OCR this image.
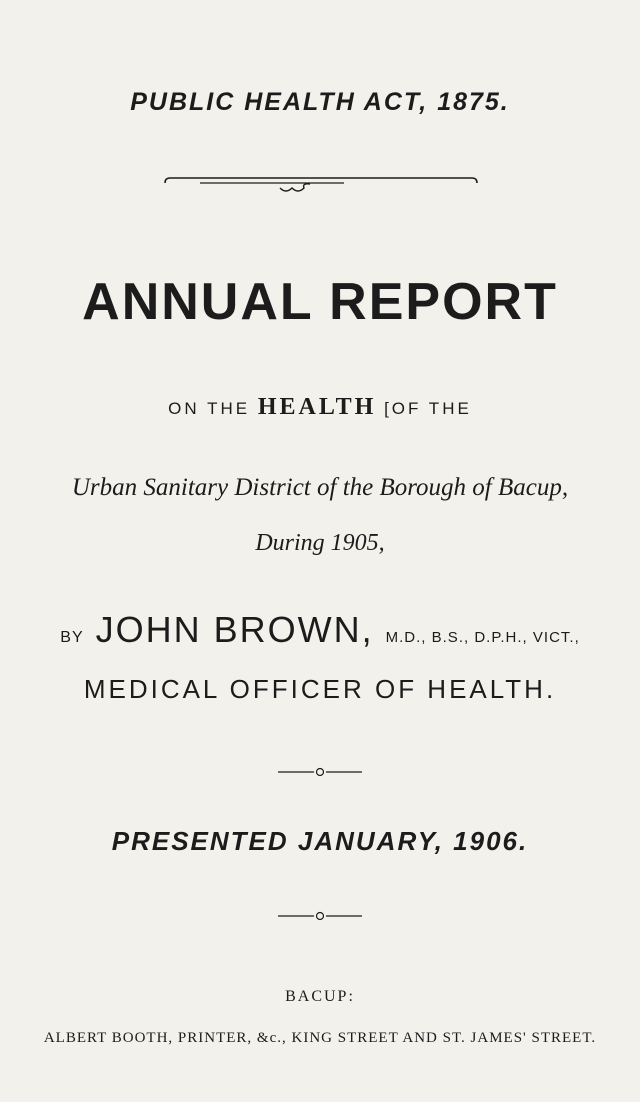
PUBLIC HEALTH ACT, 1875.
ANNUAL REPORT
ON THE HEALTH [OF THE
Urban Sanitary District of the Borough of Bacup,
During 1905,
BY JOHN BROWN, M.D., B.S., D.P.H., VICT.,
MEDICAL OFFICER OF HEALTH.
PRESENTED JANUARY, 1906.
BACUP:
ALBERT BOOTH, PRINTER, &c., KING STREET AND ST. JAMES' STREET.
